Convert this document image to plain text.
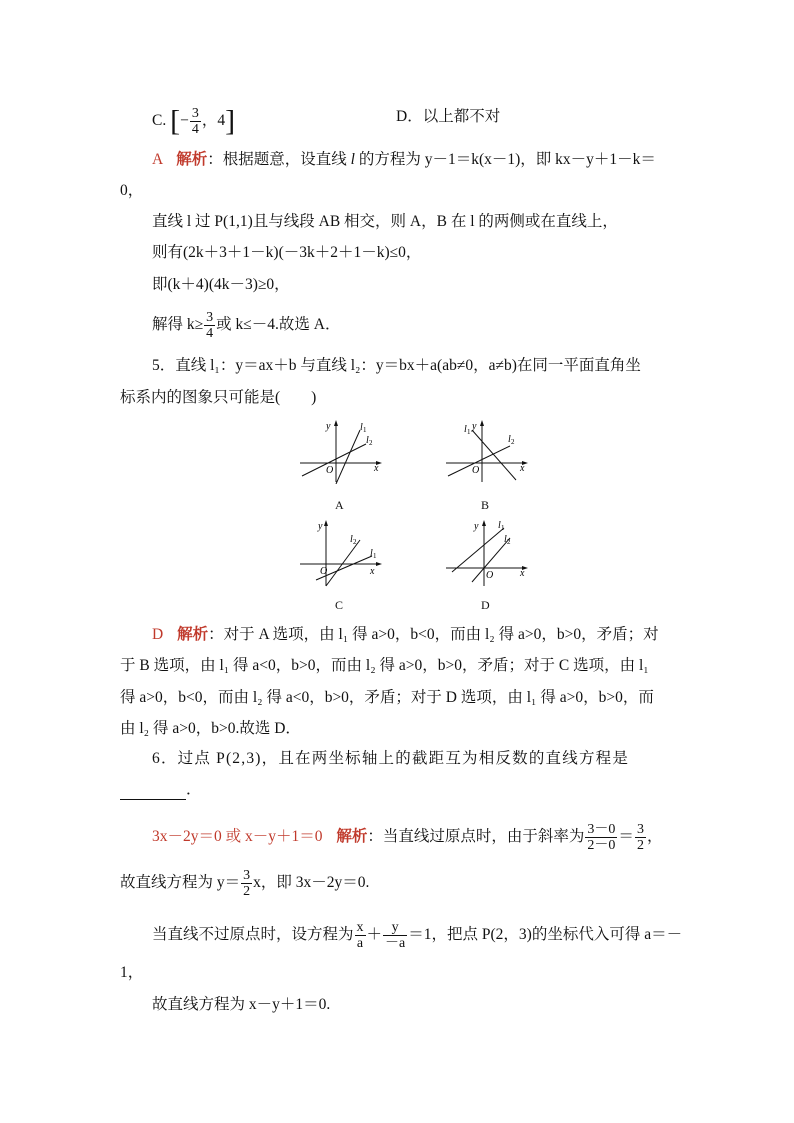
C. [− $\frac{3}{4}$ ，4]	D．以上都不对
A 解析：根据题意，设直线 l 的方程为 y－1＝k(x－1)，即 kx－y＋1－k＝
0，
直线 l 过 P(1,1)且与线段 AB 相交，则 A，B 在 l 的两侧或在直线上，
则有(2k＋3＋1－k)(－3k＋2＋1－k)≤0，
即(k＋4)(4k－3)≥0，
解得 $k\ge \frac{3}{4}$ 或 k≤－4.故选 A．
5．直线 l₁：y＝ax＋b 与直线 l₂：y＝bx＋a(ab≠0，a≠b)在同一平面直角坐
标系内的图象只可能是(　　)
y
x
O
l 1
l 2
A
y
x
O
l 1
l 2
B
y
x
O
l 1
l 2
C
y
x
O
l 1
l 2
D
D 解析：对于 A 选项，由 l₁ 得 a>0，b<0，而由 l₂ 得 a>0，b>0，矛盾；对
于 B 选项，由 l₁ 得 a<0，b>0，而由 l₂ 得 a>0，b>0，矛盾；对于 C 选项，由 l₁
得 a>0，b<0，而由 l₂ 得 a<0，b>0，矛盾；对于 D 选项，由 l₁ 得 a>0，b>0，而
由 l₂ 得 a>0，b>0.故选 D．
6．过点 P(2,3)，且在两坐标轴上的截距互为相反数的直线方程是
．
3x－2y＝0 或 x－y＋1＝0 解析：当直线过原点时，由于斜率为 $\frac{3-0}{2-0} = \frac{3}{2}$ ，
故直线方程为 $y= \frac{3}{2}$ x，即 3x－2y＝0.
当直线不过原点时，设方程为 $\frac{x}{a} + \frac{y}{-a} =1$，把点 P(2，3)的坐标代入可得 a＝－
1，
故直线方程为 x－y＋1＝0.
